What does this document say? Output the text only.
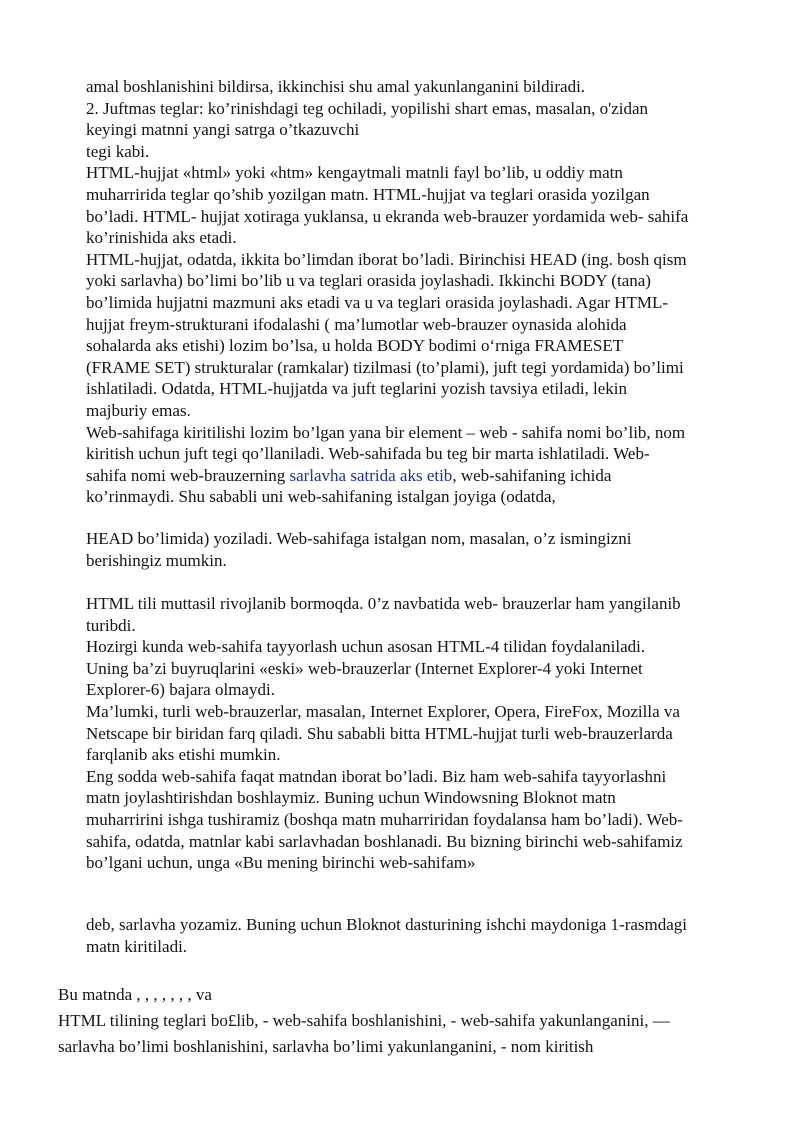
amal boshlanishini bildirsa, ikkinchisi shu amal yakunlanganini bildiradi.
2. Juftmas teglar: ko’rinishdagi teg ochiladi, yopilishi shart emas, masalan, o'zidan
keyingi matnni yangi satrga o’tkazuvchi
tegi kabi.
HTML-hujjat «html» yoki «htm» kengaytmali matnli fayl bo’lib, u oddiy matn
muharririda teglar qo’shib yozilgan matn. HTML-hujjat va teglari orasida yozilgan
bo’ladi. HTML- hujjat xotiraga yuklansa, u ekranda web-brauzer yordamida web- sahifa
ko’rinishida aks etadi.
HTML-hujjat, odatda, ikkita bo’limdan iborat bo’ladi. Birinchisi HEAD (ing. bosh qism
yoki sarlavha) bo’limi bo’lib u va teglari orasida joylashadi. Ikkinchi BODY (tana)
bo’limida hujjatni mazmuni aks etadi va u va teglari orasida joylashadi. Agar HTML-
hujjat freym-strukturani ifodalashi ( ma’lumotlar web-brauzer oynasida alohida
sohalarda aks etishi) lozim bo’lsa, u holda BODY bodimi o‘rniga FRAMESET
(FRAME SET) strukturalar (ramkalar) tizilmasi (to’plami), juft tegi yordamida) bo’limi
ishlatiladi. Odatda, HTML-hujjatda va juft teglarini yozish tavsiya etiladi, lekin
majburiy emas.
Web-sahifaga kiritilishi lozim bo’lgan yana bir element – web - sahifa nomi bo’lib, nom
kiritish uchun juft tegi qo’llaniladi. Web-sahifada bu teg bir marta ishlatiladi. Web-
sahifa nomi web-brauzerning sarlavha satrida aks etib, web-sahifaning ichida
ko’rinmaydi. Shu sababli uni web-sahifaning istalgan joyiga (odatda,
HEAD bo’limida) yoziladi. Web-sahifaga istalgan nom, masalan, o’z ismingizni
berishingiz mumkin.
HTML tili muttasil rivojlanib bormoqda. 0’z navbatida web- brauzerlar ham yangilanib
turibdi.
Hozirgi kunda web-sahifa tayyorlash uchun asosan HTML-4 tilidan foydalaniladi.
Uning ba’zi buyruqlarini «eski» web-brauzerlar (Internet Explorer-4 yoki Internet
Explorer-6) bajara olmaydi.
Ma’lumki, turli web-brauzerlar, masalan, Internet Explorer, Opera, FireFox, Mozilla va
Netscape bir biridan farq qiladi. Shu sababli bitta HTML-hujjat turli web-brauzerlarda
farqlanib aks etishi mumkin.
Eng sodda web-sahifa faqat matndan iborat bo’ladi. Biz ham web-sahifa tayyorlashni
matn joylashtirishdan boshlaymiz. Buning uchun Windowsning Bloknot matn
muharririni ishga tushiramiz (boshqa matn muharriridan foydalansa ham bo’ladi). Web-
sahifa, odatda, matnlar kabi sarlavhadan boshlanadi. Bu bizning birinchi web-sahifamiz
bo’lgani uchun, unga «Bu mening birinchi web-sahifam»
deb, sarlavha yozamiz. Buning uchun Bloknot dasturining ishchi maydoniga 1-rasmdagi
matn kiritiladi.
Bu matnda , , , , , , , va
HTML tilining teglari bo£lib, - web-sahifa boshlanishini, - web-sahifa yakunlanganini, —
sarlavha bo’limi boshlanishini, sarlavha bo’limi yakunlanganini, - nom kiritish
